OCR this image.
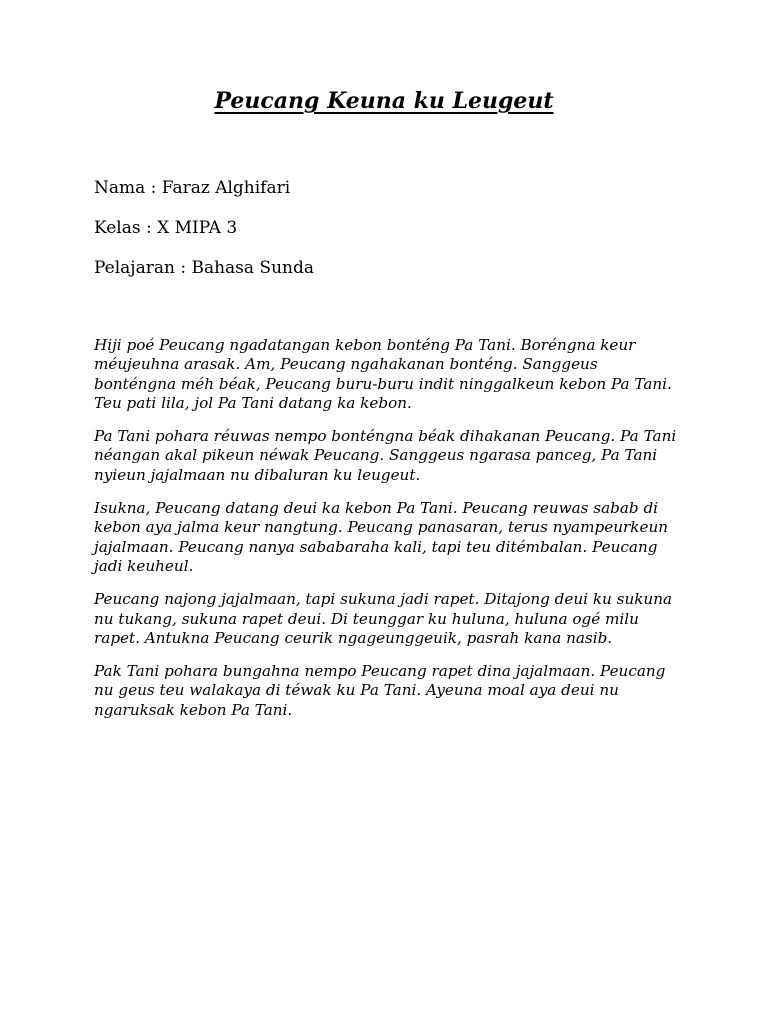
Peucang Keuna ku Leugeut

Nama : Faraz Alghifari

Kelas : X MIPA 3

Pelajaran : Bahasa Sunda

Hiji poé Peucang ngadatangan kebon bonténg Pa Tani. Boréngna keur méujeuhna arasak. Am, Peucang ngahakanan bonténg. Sanggeus bonténgna méh béak, Peucang buru-buru indit ninggalkeun kebon Pa Tani. Teu pati lila, jol Pa Tani datang ka kebon.

Pa Tani pohara réuwas nempo bonténgna béak dihakanan Peucang. Pa Tani néangan akal pikeun néwak Peucang. Sanggeus ngarasa panceg, Pa Tani nyieun jajalmaan nu dibaluran ku leugeut.

Isukna, Peucang datang deui ka kebon Pa Tani. Peucang reuwas sabab di kebon aya jalma keur nangtung. Peucang panasaran, terus nyampeurkeun jajalmaan. Peucang nanya sababaraha kali, tapi teu ditémbalan. Peucang jadi keuheul.

Peucang najong jajalmaan, tapi sukuna jadi rapet. Ditajong deui ku sukuna nu tukang, sukuna rapet deui. Di teunggar ku huluna, huluna ogé milu rapet. Antukna Peucang ceurik ngageunggeuik, pasrah kana nasib.

Pak Tani pohara bungahna nempo Peucang rapet dina jajalmaan. Peucang nu geus teu walakaya di téwak ku Pa Tani. Ayeuna moal aya deui nu ngaruksak kebon Pa Tani.
